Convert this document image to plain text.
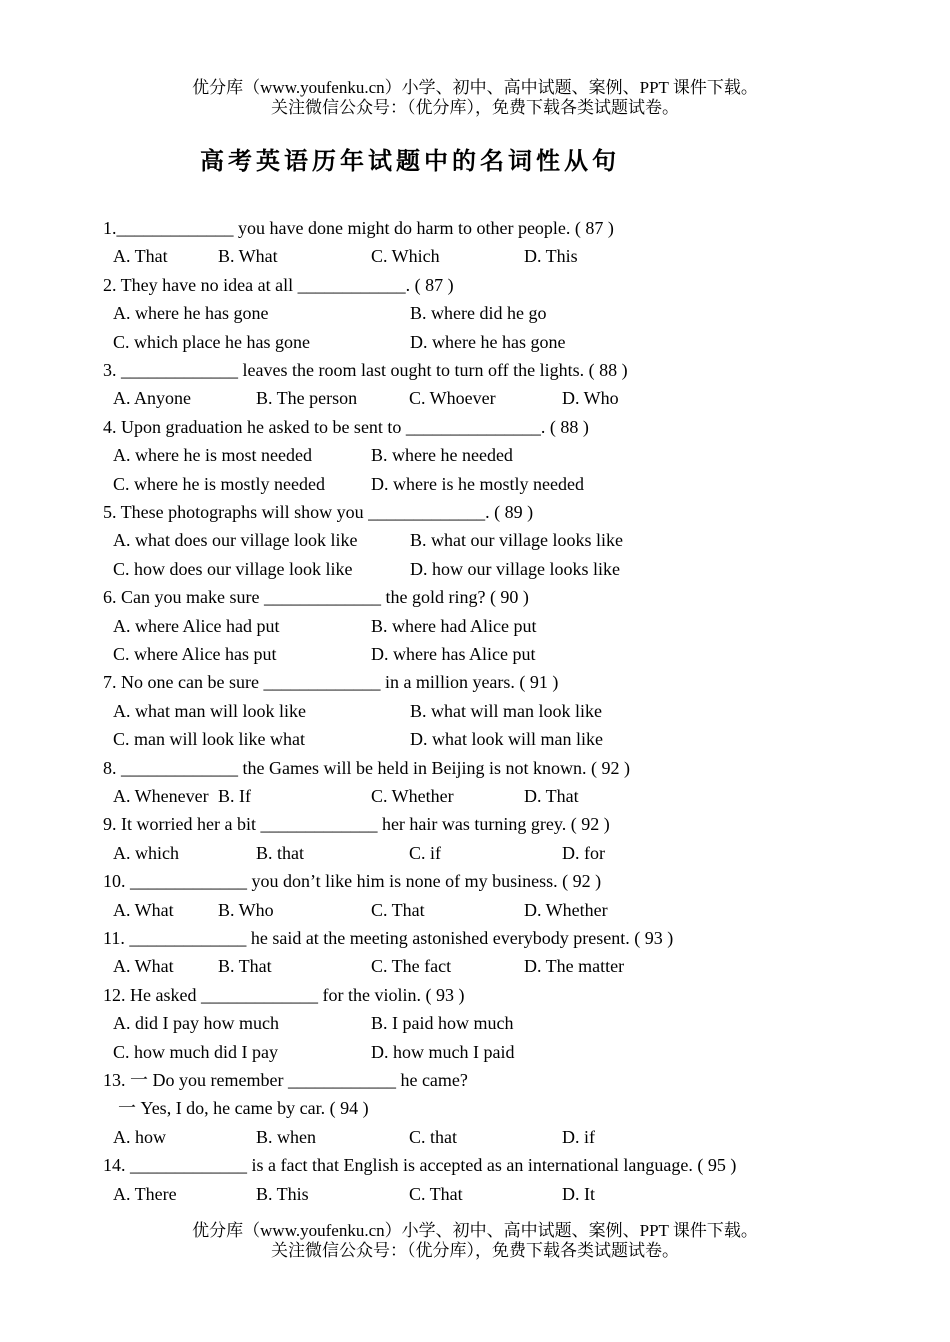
优分库（www.youfenku.cn）小学、初中、高中试题、案例、PPT 课件下载。
关注微信公众号：（优分库），免费下载各类试题试卷。
高考英语历年试题中的名词性从句
1._____________ you have done might do harm to other people. ( 87 )
A. That	B. What	C. Which	D. This
2. They have no idea at all ____________. ( 87 )
A. where he has gone	B. where did he go
C. which place he has gone	D. where he has gone
3. _____________ leaves the room last ought to turn off the lights. ( 88 )
A. Anyone	B. The person	C. Whoever	D. Who
4. Upon graduation he asked to be sent to _______________. ( 88 )
A. where he is most needed	B. where he needed
C. where he is mostly needed	D. where is he mostly needed
5. These photographs will show you _____________. ( 89 )
A. what does our village look like	B. what our village looks like
C. how does our village look like	D. how our village looks like
6. Can you make sure _____________ the gold ring? ( 90 )
A. where Alice had put	B. where had Alice put
C. where Alice has put	D. where has Alice put
7. No one can be sure _____________ in a million years. ( 91 )
A. what man will look like	B. what will man look like
C. man will look like what	D. what look will man like
8. _____________ the Games will be held in Beijing is not known. ( 92 )
A. Whenever B. If	C. Whether	D. That
9. It worried her a bit _____________ her hair was turning grey. ( 92 )
A. which	B. that	C. if	D. for
10. _____________ you don’t like him is none of my business. ( 92 )
A. What B. Who	C. That	D. Whether
11. _____________ he said at the meeting astonished everybody present. ( 93 )
A. What B. That	C. The fact	D. The matter
12. He asked _____________ for the violin. ( 93 )
A. did I pay how much	B. I paid how much
C. how much did I pay	D. how much I paid
13. 一 Do you remember ____________ he came?
一 Yes, I do, he came by car. ( 94 )
A. how	B. when	C. that	D. if
14. _____________ is a fact that English is accepted as an international language. ( 95 )
A. There	B. This	C. That	D. It
优分库（www.youfenku.cn）小学、初中、高中试题、案例、PPT 课件下载。
关注微信公众号：（优分库），免费下载各类试题试卷。
